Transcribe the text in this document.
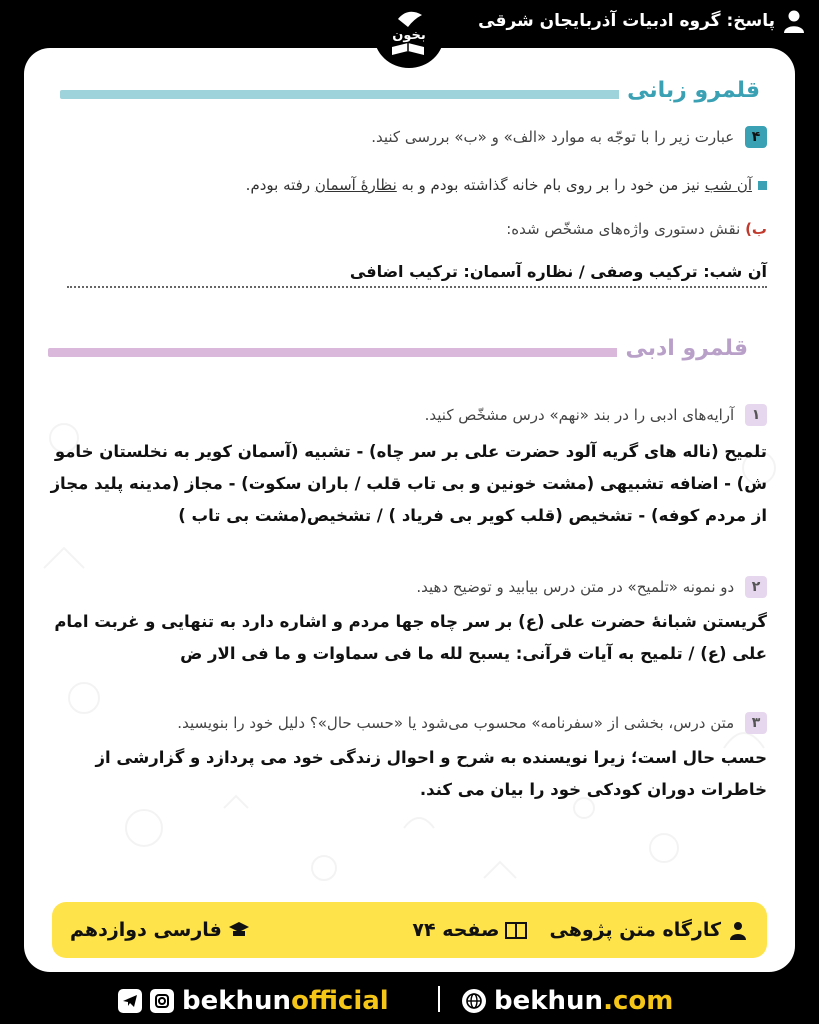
پاسخ: گروه ادبیات آذربایجان شرقی
بخون
قلمرو زبانی
۴ عبارت زیر را با توجّه به موارد «الف» و «ب» بررسی کنید.
آن شب نیز من خود را بر روی بام خانه گذاشته بودم و به نظارۀ آسمان رفته بودم.
ب) نقش دستوری واژه‌های مشخّص شده:
آن شب: ترکیب وصفی / نظاره آسمان: ترکیب اضافی
قلمرو ادبی
۱ آرایه‌های ادبی را در بند «نهم» درس مشخّص کنید.
تلمیح (ناله های گریه آلود حضرت علی بر سر چاه) - تشبیه (آسمان کویر به نخلستان خامو ش) - اضافه تشبیهی (مشت خونین و بی تاب قلب / باران سکوت) - مجاز (مدینه پلید مجاز از مردم کوفه) - تشخیص (قلب کویر بی فریاد ) / تشخیص(مشت بی تاب )
۲ دو نمونه «تلمیح» در متن درس بیابید و توضیح دهید.
گریستن شبانۀ حضرت علی (ع) بر سر چاه جها مردم و اشاره دارد به تنهایی و غربت امام علی (ع) / تلمیح به آیات قرآنی: یسبح لله ما فی سماوات و ما فی الار ض
۳ متن درس، بخشی از «سفرنامه» محسوب می‌شود یا «حسب حال»؟ دلیل خود را بنویسید.
حسب حال است؛ زیرا نویسنده به شرح و احوال زندگی خود می پردازد و گزارشی از خاطرات دوران کودکی خود را بیان می کند.
کارگاه متن پژوهی
صفحه ۷۴
فارسی دوازدهم
bekhunofficial	bekhun.com
